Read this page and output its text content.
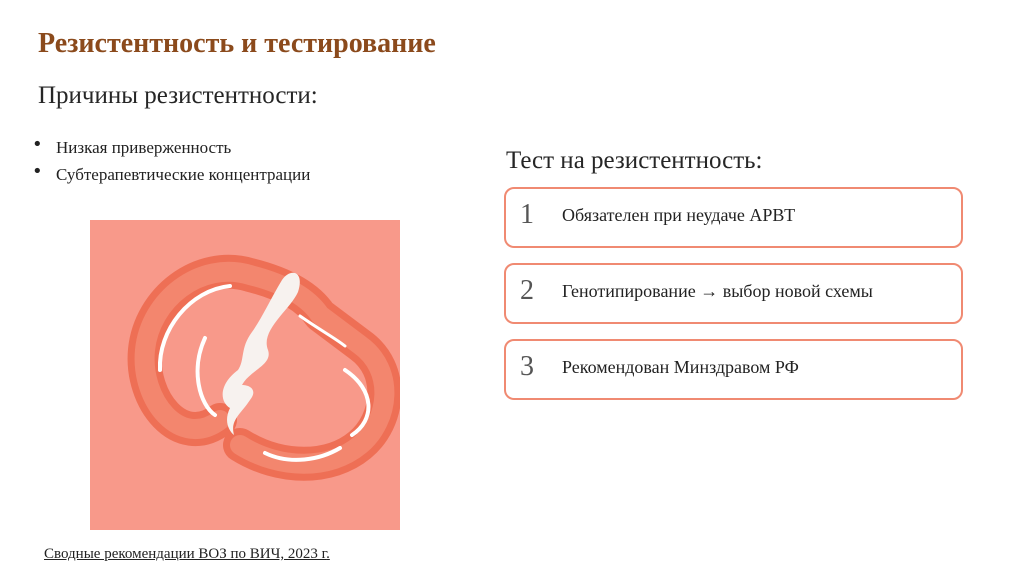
Резистентность и тестирование
Причины резистентности:
• Низкая приверженность
• Субтерапевтические концентрации
Тест на резистентность:
1 Обязателен при неудаче АРВТ
2 Генотипирование → выбор новой схемы
3 Рекомендован Минздравом РФ
Сводные рекомендации ВОЗ по ВИЧ, 2023 г.
